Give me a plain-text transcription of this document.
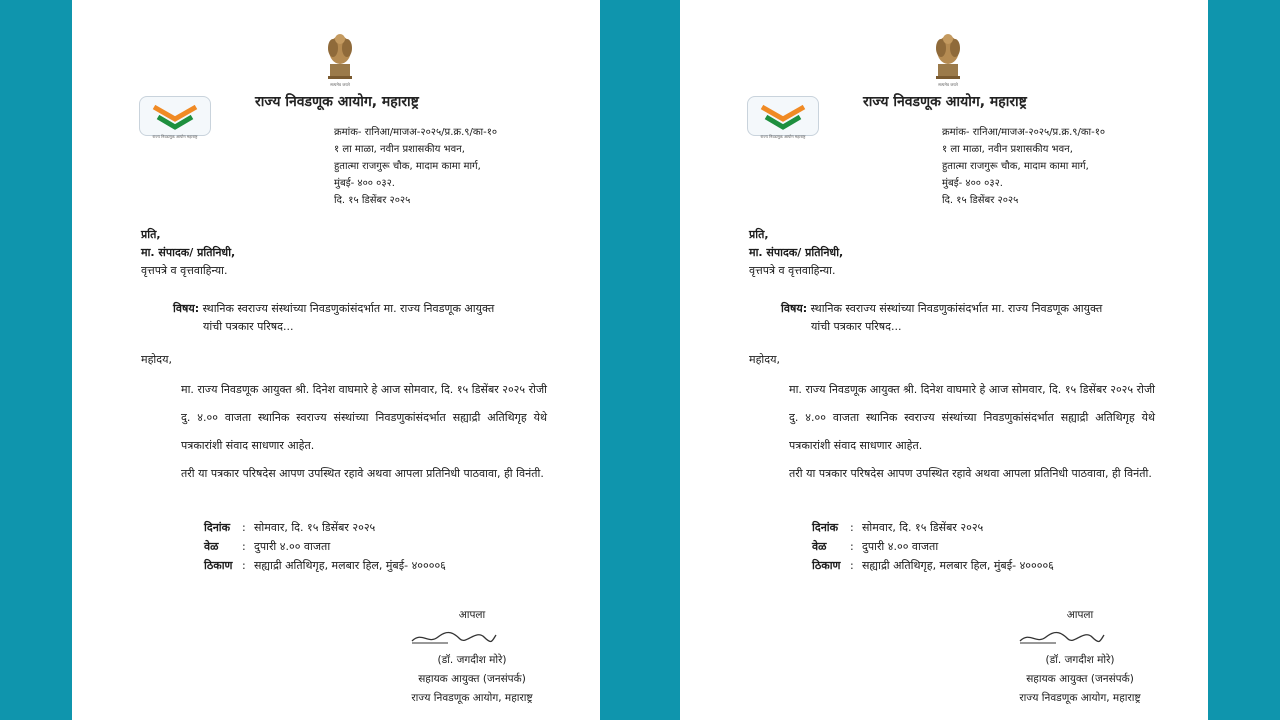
सत्यमेव जयते
राज्य निवडणूक आयोग महाराष्ट्र
राज्य निवडणूक आयोग, महाराष्ट्र
क्रमांक- रानिआ/माजअ-२०२५/प्र.क्र.९/का-१०
१ ला माळा, नवीन प्रशासकीय भवन,
हुतात्मा राजगुरू चौक, मादाम कामा मार्ग,
मुंबई- ४०० ०३२.
दि. १५ डिसेंबर २०२५
प्रति,
मा. संपादक/ प्रतिनिधी,
वृत्तपत्रे व वृत्तवाहिन्या.
विषय: स्थानिक स्वराज्य संस्थांच्या निवडणुकांसंदर्भात मा. राज्य निवडणूक आयुक्त
यांची पत्रकार परिषद...
महोदय,
मा. राज्य निवडणूक आयुक्त श्री. दिनेश वाघमारे हे आज सोमवार, दि. १५ डिसेंबर २०२५ रोजी दु. ४.०० वाजता स्थानिक स्वराज्य संस्थांच्या निवडणुकांसंदर्भात सह्याद्री अतिथिगृह येथे पत्रकारांशी संवाद साधणार आहेत.
तरी या पत्रकार परिषदेस आपण उपस्थित रहावे अथवा आपला प्रतिनिधी पाठवावा, ही विनंती.
दिनांक : सोमवार, दि. १५ डिसेंबर २०२५
वेळ : दुपारी ४.०० वाजता
ठिकाण : सह्याद्री अतिथिगृह, मलबार हिल, मुंबई- ४००००६
आपला
(डॉ. जगदीश मोरे)
सहायक आयुक्त (जनसंपर्क)
राज्य निवडणूक आयोग, महाराष्ट्र
सत्यमेव जयते
राज्य निवडणूक आयोग महाराष्ट्र
राज्य निवडणूक आयोग, महाराष्ट्र
क्रमांक- रानिआ/माजअ-२०२५/प्र.क्र.९/का-१०
१ ला माळा, नवीन प्रशासकीय भवन,
हुतात्मा राजगुरू चौक, मादाम कामा मार्ग,
मुंबई- ४०० ०३२.
दि. १५ डिसेंबर २०२५
प्रति,
मा. संपादक/ प्रतिनिधी,
वृत्तपत्रे व वृत्तवाहिन्या.
विषय: स्थानिक स्वराज्य संस्थांच्या निवडणुकांसंदर्भात मा. राज्य निवडणूक आयुक्त
यांची पत्रकार परिषद...
महोदय,
मा. राज्य निवडणूक आयुक्त श्री. दिनेश वाघमारे हे आज सोमवार, दि. १५ डिसेंबर २०२५ रोजी दु. ४.०० वाजता स्थानिक स्वराज्य संस्थांच्या निवडणुकांसंदर्भात सह्याद्री अतिथिगृह येथे पत्रकारांशी संवाद साधणार आहेत.
तरी या पत्रकार परिषदेस आपण उपस्थित रहावे अथवा आपला प्रतिनिधी पाठवावा, ही विनंती.
दिनांक : सोमवार, दि. १५ डिसेंबर २०२५
वेळ : दुपारी ४.०० वाजता
ठिकाण : सह्याद्री अतिथिगृह, मलबार हिल, मुंबई- ४००००६
आपला
(डॉ. जगदीश मोरे)
सहायक आयुक्त (जनसंपर्क)
राज्य निवडणूक आयोग, महाराष्ट्र
